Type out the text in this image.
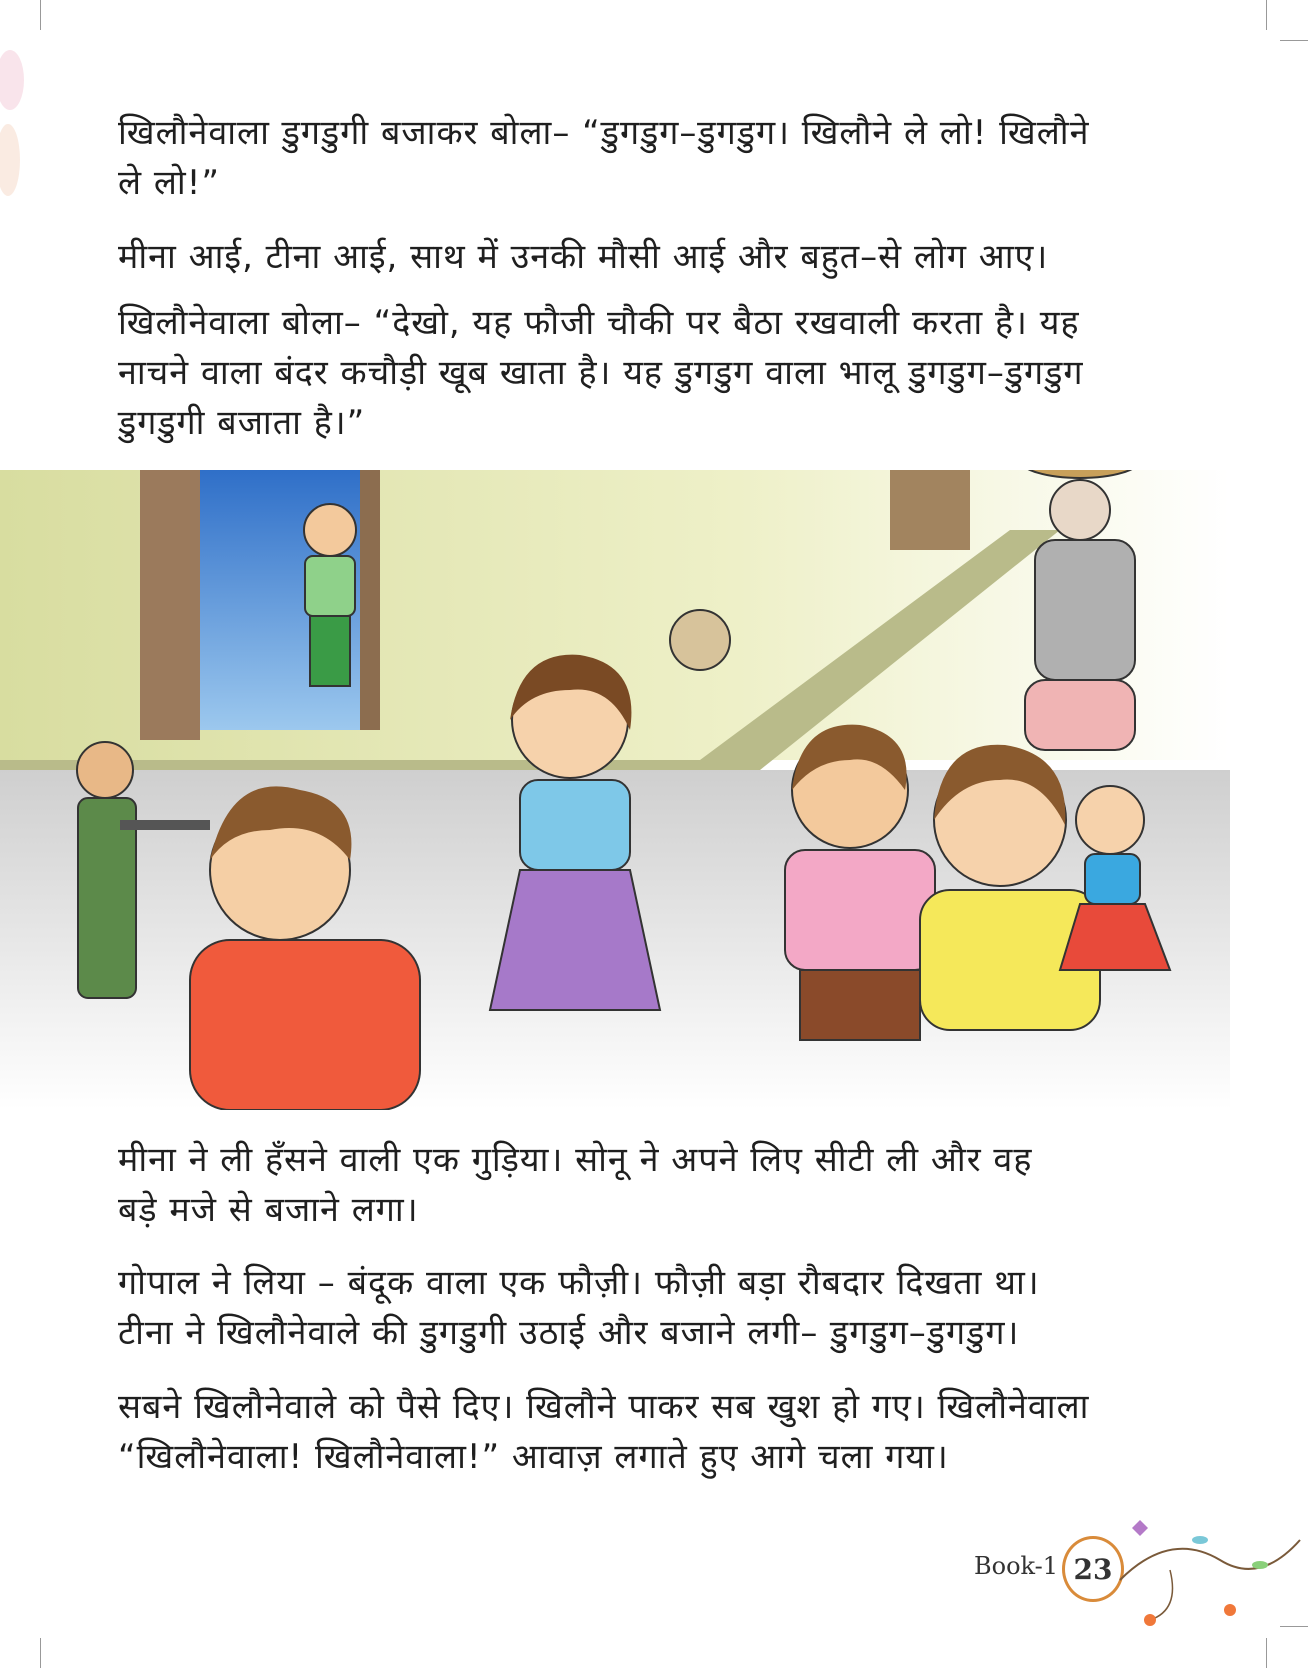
खिलौनेवाला डुगडुगी बजाकर बोला– “डुगडुग–डुगडुग। खिलौने ले लो! खिलौने
ले लो!”
मीना आई, टीना आई, साथ में उनकी मौसी आई और बहुत–से लोग आए।
खिलौनेवाला बोला– “देखो, यह फौजी चौकी पर बैठा रखवाली करता है। यह
नाचने वाला बंदर कचौड़ी खूब खाता है। यह डुगडुग वाला भालू डुगडुग–डुगडुग
डुगडुगी बजाता है।”
मीना ने ली हँसने वाली एक गुड़िया। सोनू ने अपने लिए सीटी ली और वह
बड़े मजे से बजाने लगा।
गोपाल ने लिया – बंदूक वाला एक फौज़ी। फौज़ी बड़ा रौबदार दिखता था।
टीना ने खिलौनेवाले की डुगडुगी उठाई और बजाने लगी– डुगडुग–डुगडुग।
सबने खिलौनेवाले को पैसे दिए। खिलौने पाकर सब खुश हो गए। खिलौनेवाला
“खिलौनेवाला! खिलौनेवाला!” आवाज़ लगाते हुए आगे चला गया।
Book-1 23
